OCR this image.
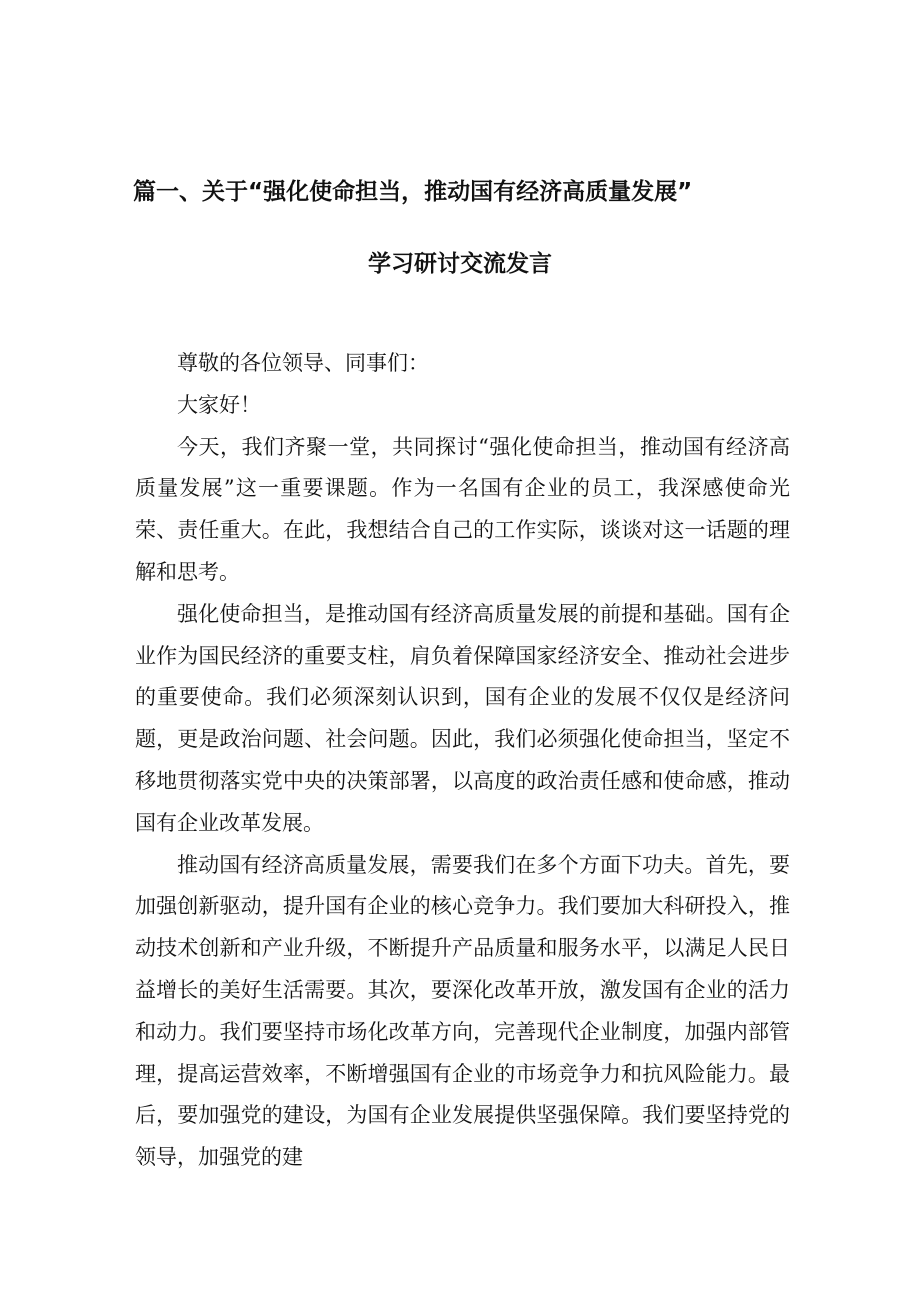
篇一、关于“强化使命担当，推动国有经济高质量发展”
学习研讨交流发言

尊敬的各位领导、同事们：

大家好！

今天，我们齐聚一堂，共同探讨“强化使命担当，推动国有经济高质量发展”这一重要课题。作为一名国有企业的员工，我深感使命光荣、责任重大。在此，我想结合自己的工作实际，谈谈对这一话题的理解和思考。

强化使命担当，是推动国有经济高质量发展的前提和基础。国有企业作为国民经济的重要支柱，肩负着保障国家经济安全、推动社会进步的重要使命。我们必须深刻认识到，国有企业的发展不仅仅是经济问题，更是政治问题、社会问题。因此，我们必须强化使命担当，坚定不移地贯彻落实党中央的决策部署，以高度的政治责任感和使命感，推动国有企业改革发展。

推动国有经济高质量发展，需要我们在多个方面下功夫。首先，要加强创新驱动，提升国有企业的核心竞争力。我们要加大科研投入，推动技术创新和产业升级，不断提升产品质量和服务水平，以满足人民日益增长的美好生活需要。其次，要深化改革开放，激发国有企业的活力和动力。我们要坚持市场化改革方向，完善现代企业制度，加强内部管理，提高运营效率，不断增强国有企业的市场竞争力和抗风险能力。最后，要加强党的建设，为国有企业发展提供坚强保障。我们要坚持党的领导，加强党的建
